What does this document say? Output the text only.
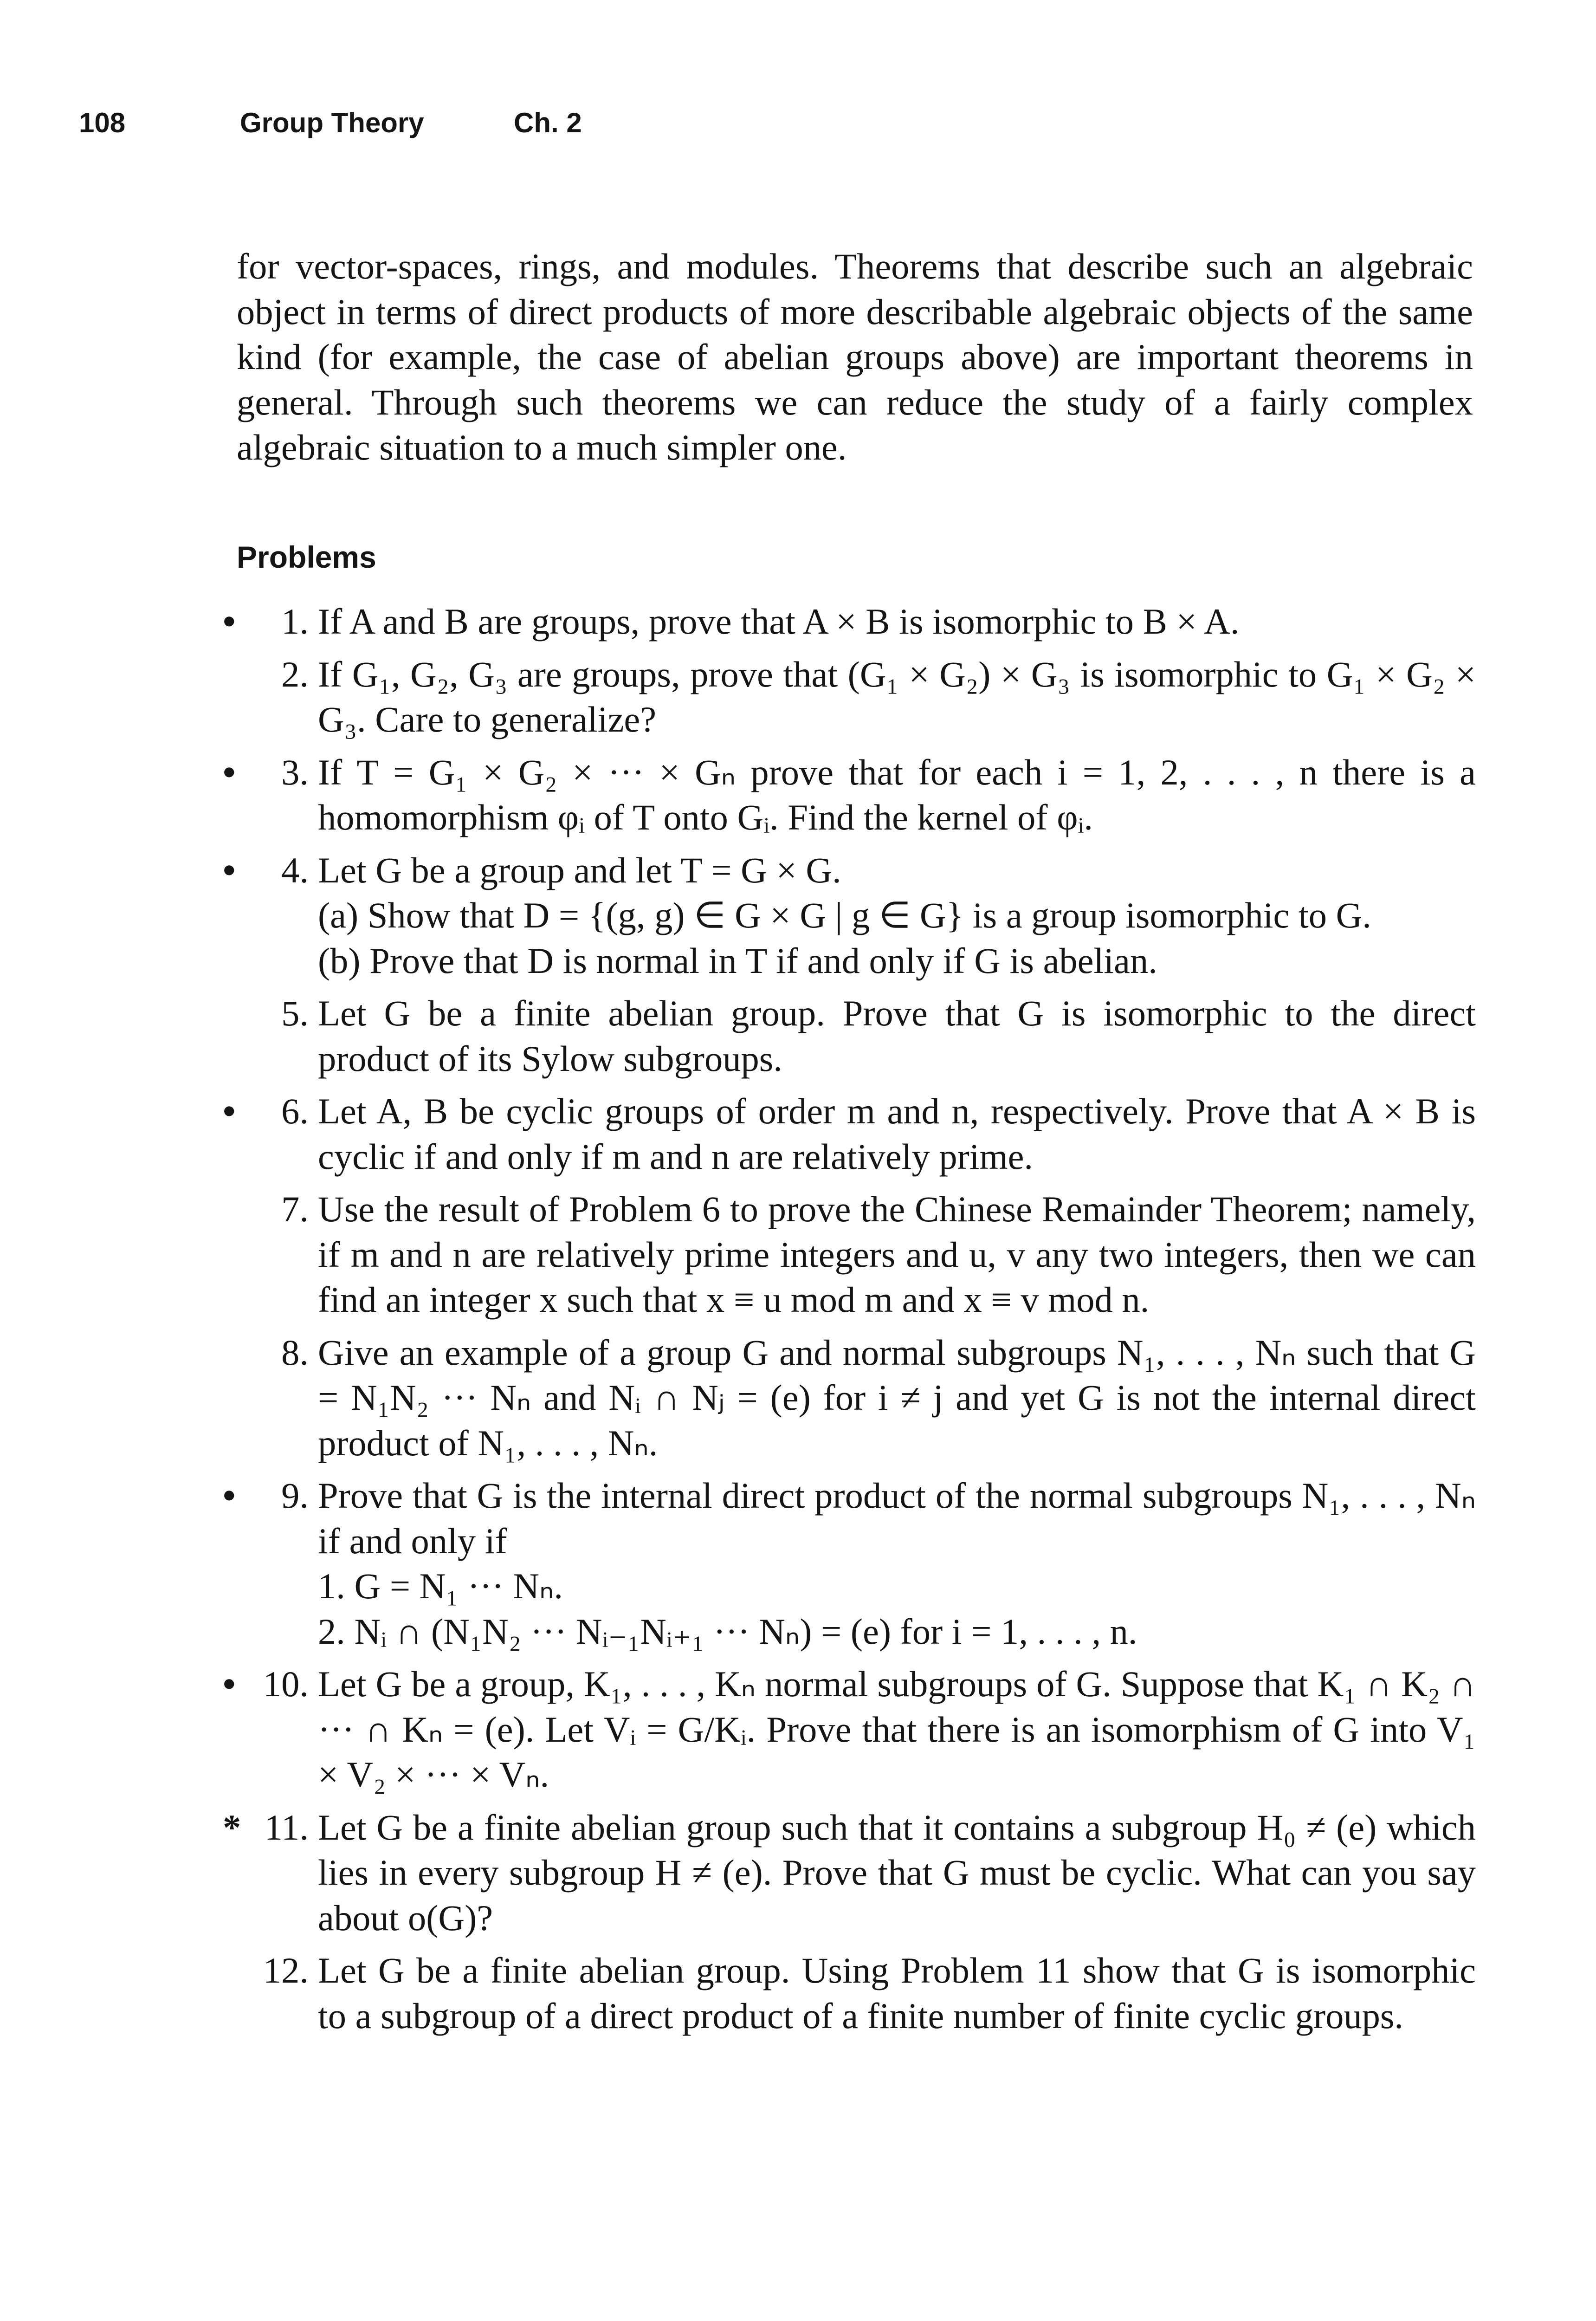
108	Group Theory	Ch. 2

for vector-spaces, rings, and modules. Theorems that describe such an algebraic object in terms of direct products of more describable algebraic objects of the same kind (for example, the case of abelian groups above) are important theorems in general. Through such theorems we can reduce the study of a fairly complex algebraic situation to a much simpler one.

Problems
•	1. If A and B are groups, prove that A × B is isomorphic to B × A.
2. If G₁, G₂, G₃ are groups, prove that (G₁ × G₂) × G₃ is isomorphic to G₁ × G₂ × G₃. Care to generalize?
•	3. If T = G₁ × G₂ × ··· × Gₙ prove that for each i = 1, 2, . . . , n there is a homomorphism φᵢ of T onto Gᵢ. Find the kernel of φᵢ.
•	4. Let G be a group and let T = G × G.
(a) Show that D = {(g, g) ∈ G × G | g ∈ G} is a group isomorphic to G.
(b) Prove that D is normal in T if and only if G is abelian.
5. Let G be a finite abelian group. Prove that G is isomorphic to the direct product of its Sylow subgroups.
•	6. Let A, B be cyclic groups of order m and n, respectively. Prove that A × B is cyclic if and only if m and n are relatively prime.
7. Use the result of Problem 6 to prove the Chinese Remainder Theorem; namely, if m and n are relatively prime integers and u, v any two integers, then we can find an integer x such that x ≡ u mod m and x ≡ v mod n.
8. Give an example of a group G and normal subgroups N₁, . . . , Nₙ such that G = N₁N₂ ··· Nₙ and Nᵢ ∩ Nⱼ = (e) for i ≠ j and yet G is not the internal direct product of N₁, . . . , Nₙ.
•	9. Prove that G is the internal direct product of the normal subgroups N₁, . . . , Nₙ if and only if
1. G = N₁ ··· Nₙ.
2. Nᵢ ∩ (N₁N₂ ··· Nᵢ₋₁Nᵢ₊₁ ··· Nₙ) = (e) for i = 1, . . . , n.
• 10. Let G be a group, K₁, . . . , Kₙ normal subgroups of G. Suppose that K₁ ∩ K₂ ∩ ··· ∩ Kₙ = (e). Let Vᵢ = G/Kᵢ. Prove that there is an isomorphism of G into V₁ × V₂ × ··· × Vₙ.
* 11. Let G be a finite abelian group such that it contains a subgroup H₀ ≠ (e) which lies in every subgroup H ≠ (e). Prove that G must be cyclic. What can you say about o(G)?
12. Let G be a finite abelian group. Using Problem 11 show that G is isomorphic to a subgroup of a direct product of a finite number of finite cyclic groups.
